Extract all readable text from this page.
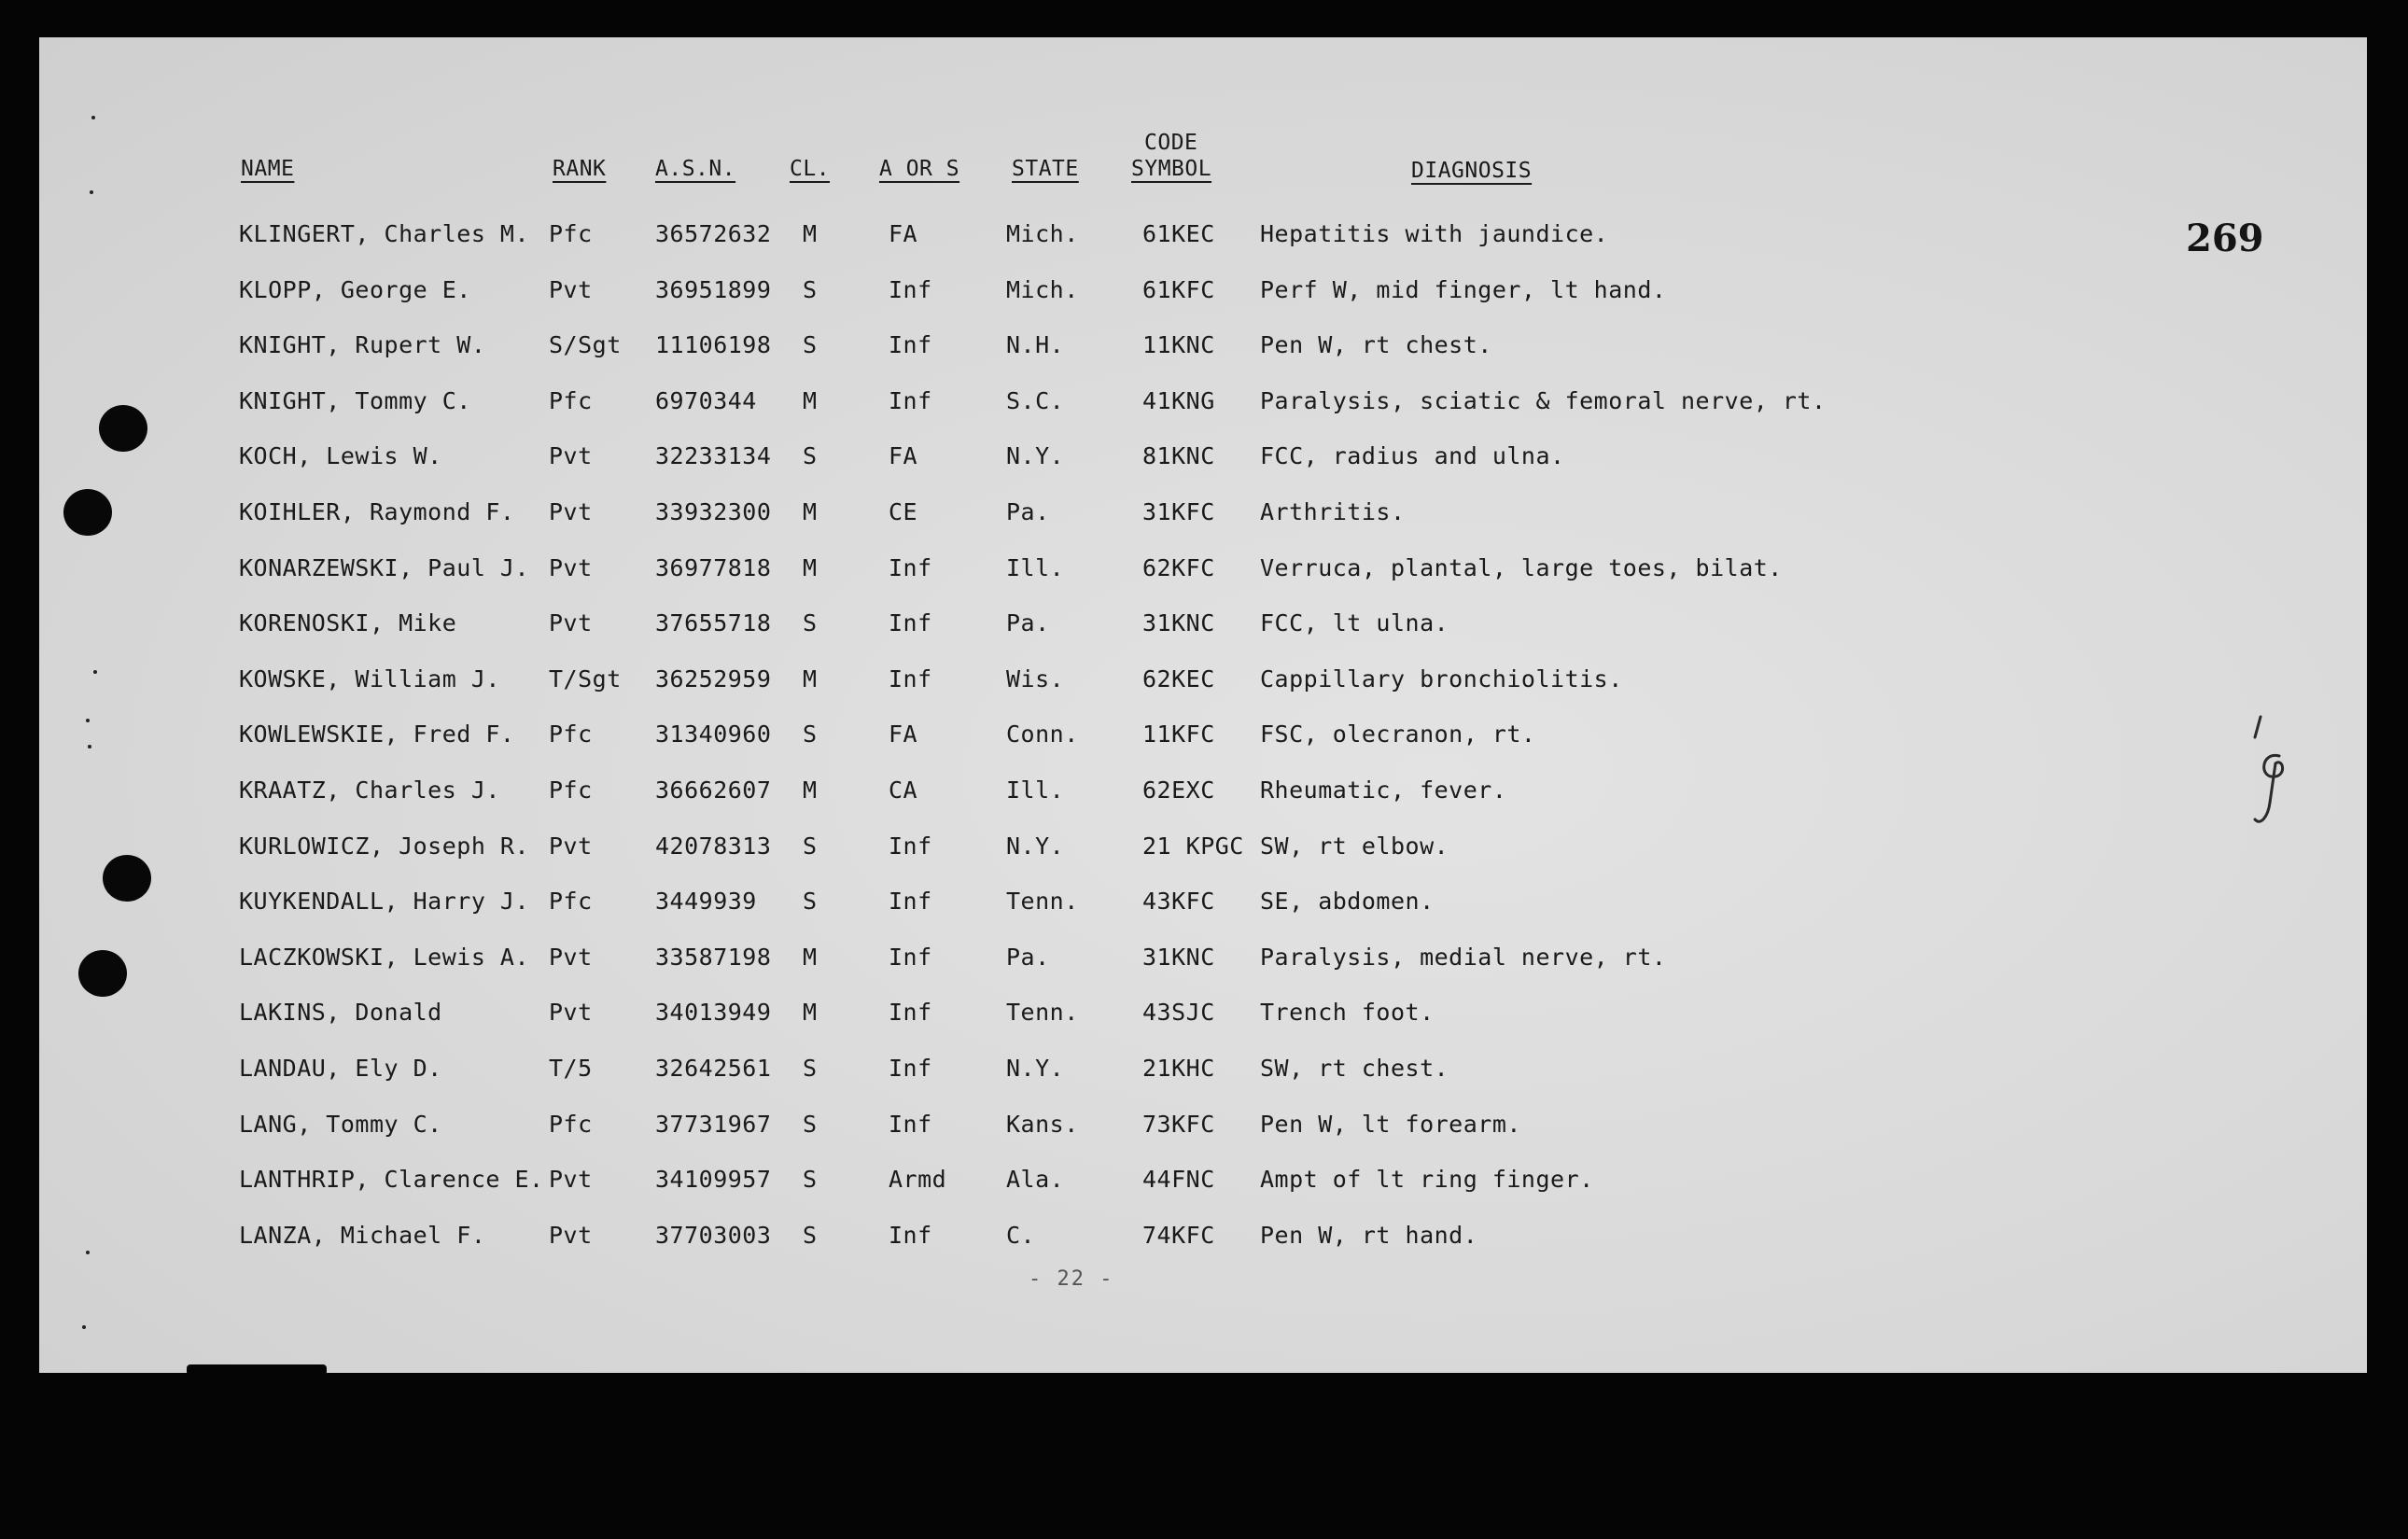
NAME	RANK A.S.N.	CL. A OR S STATE
CODE
SYMBOL	DIAGNOSIS
269
KLINGERT, Charles M. Pfc	36572632 M	FA	Mich.	61KEC Hepatitis with jaundice.
KLOPP, George E.	Pvt	36951899 S	Inf	Mich.	61KFC Perf W, mid finger, lt hand.
KNIGHT, Rupert W.	S/Sgt 11106198 S	Inf	N.H.	11KNC Pen W, rt chest.
KNIGHT, Tommy C.	Pfc	6970344 M	Inf	S.C.	41KNG Paralysis, sciatic & femoral nerve, rt.
KOCH, Lewis W.	Pvt	32233134 S	FA	N.Y.	81KNC FCC, radius and ulna.
KOIHLER, Raymond F. Pvt	33932300 M	CE	Pa.	31KFC Arthritis.
KONARZEWSKI, Paul J. Pvt	36977818 M	Inf	Ill.	62KFC Verruca, plantal, large toes, bilat.
KORENOSKI, Mike	Pvt	37655718 S	Inf	Pa.	31KNC FCC, lt ulna.
KOWSKE, William J. T/Sgt 36252959 M	Inf	Wis.	62KEC Cappillary bronchiolitis.
KOWLEWSKIE, Fred F. Pfc	31340960 S	FA	Conn.	11KFC FSC, olecranon, rt.
KRAATZ, Charles J. Pfc	36662607 M	CA	Ill.	62EXC Rheumatic, fever.
KURLOWICZ, Joseph R. Pvt	42078313 S	Inf	N.Y.	21 KPGC SW, rt elbow.
KUYKENDALL, Harry J. Pfc	3449939 S	Inf	Tenn.	43KFC SE, abdomen.
LACZKOWSKI, Lewis A. Pvt	33587198 M	Inf	Pa.	31KNC Paralysis, medial nerve, rt.
LAKINS, Donald	Pvt	34013949 M	Inf	Tenn.	43SJC Trench foot.
LANDAU, Ely D.	T/5	32642561 S	Inf	N.Y.	21KHC SW, rt chest.
LANG, Tommy C.	Pfc	37731967 S	Inf	Kans.	73KFC Pen W, lt forearm.
LANTHRIP, Clarence E. Pvt	34109957 S	Armd	Ala.	44FNC Ampt of lt ring finger.
LANZA, Michael F.	Pvt	37703003 S	Inf	C.	74KFC Pen W, rt hand.
- 22 -
